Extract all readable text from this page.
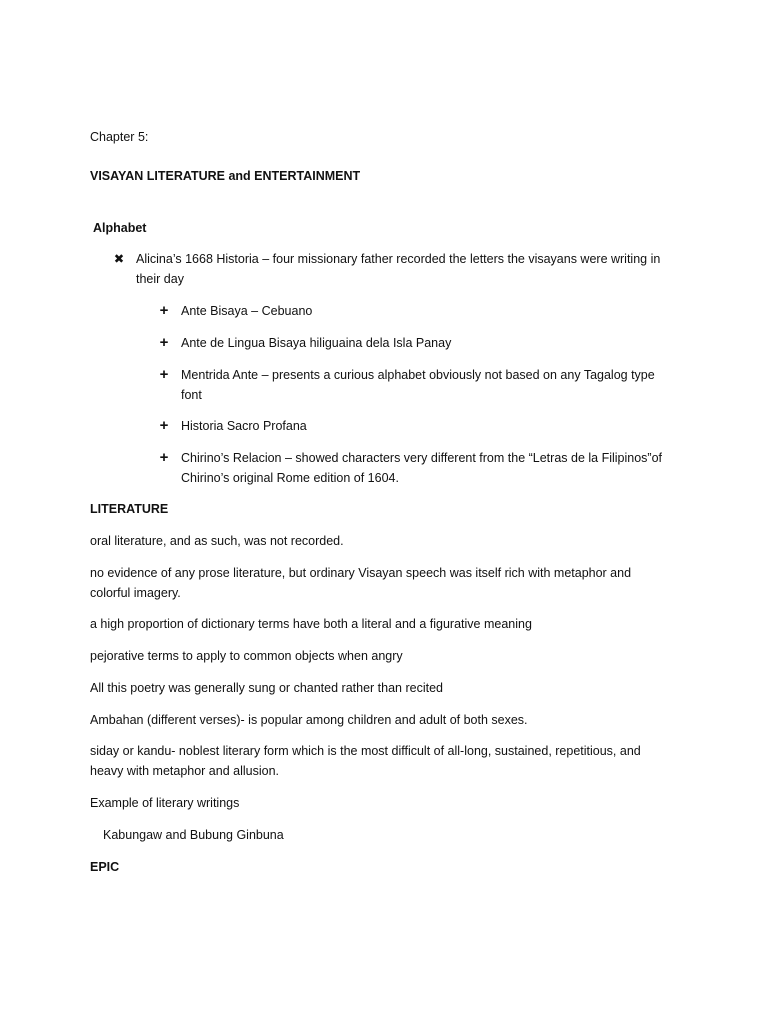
Chapter 5:
VISAYAN LITERATURE and ENTERTAINMENT
Alphabet
✖ Alicina’s 1668 Historia – four missionary father recorded the letters the visayans were writing in their day
+ Ante Bisaya – Cebuano
+ Ante de Lingua Bisaya hiliguaina dela Isla Panay
+ Mentrida Ante – presents a curious alphabet obviously not based on any Tagalog type font
+ Historia Sacro Profana
+ Chirino’s Relacion – showed characters very different from the “Letras de la Filipinos”of Chirino’s original Rome edition of 1604.
LITERATURE
oral literature, and as such, was not recorded.
no evidence of any prose literature, but ordinary Visayan speech was itself rich with metaphor and colorful imagery.
a high proportion of dictionary terms have both a literal and a figurative meaning
pejorative terms to apply to common objects when angry
All this poetry was generally sung or chanted rather than recited
Ambahan (different verses)- is popular among children and adult of both sexes.
siday or kandu- noblest literary form which is the most difficult of all-long, sustained, repetitious, and heavy with metaphor and allusion.
Example of literary writings
Kabungaw and Bubung Ginbuna
EPIC
